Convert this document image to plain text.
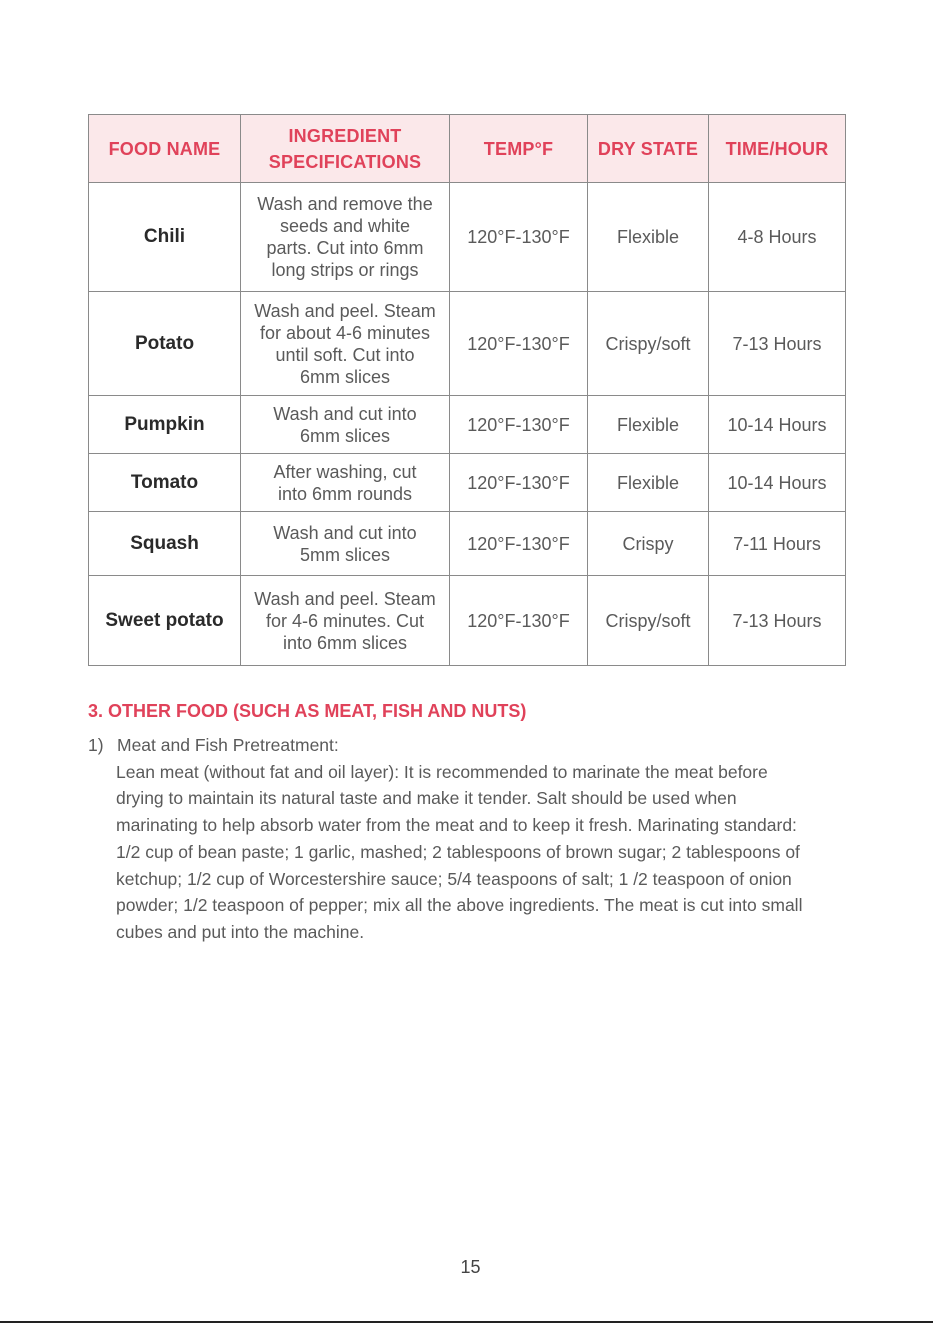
FOOD NAME	INGREDIENT
SPECIFICATIONS	TEMP°F	DRY STATE	TIME/HOUR
Chili	Wash and remove the
seeds and white
parts. Cut into 6mm
long strips or rings	120°F-130°F	Flexible	4-8 Hours
Potato	Wash and peel. Steam
for about 4-6 minutes
until soft. Cut into
6mm slices	120°F-130°F	Crispy/soft	7-13 Hours
Pumpkin	Wash and cut into
6mm slices	120°F-130°F	Flexible	10-14 Hours
Tomato	After washing, cut
into 6mm rounds	120°F-130°F	Flexible	10-14 Hours
Squash	Wash and cut into
5mm slices	120°F-130°F	Crispy	7-11 Hours
Sweet potato	Wash and peel. Steam
for 4-6 minutes. Cut
into 6mm slices	120°F-130°F	Crispy/soft	7-13 Hours
3. OTHER FOOD (SUCH AS MEAT, FISH AND NUTS)
1) Meat and Fish Pretreatment:

Lean meat (without fat and oil layer): It is recommended to marinate the meat before
drying to maintain its natural taste and make it tender. Salt should be used when
marinating to help absorb water from the meat and to keep it fresh. Marinating standard:
1/2 cup of bean paste; 1 garlic, mashed; 2 tablespoons of brown sugar; 2 tablespoons of
ketchup; 1/2 cup of Worcestershire sauce; 5/4 teaspoons of salt; 1 /2 teaspoon of onion
powder; 1/2 teaspoon of pepper; mix all the above ingredients. The meat is cut into small
cubes and put into the machine.

15
